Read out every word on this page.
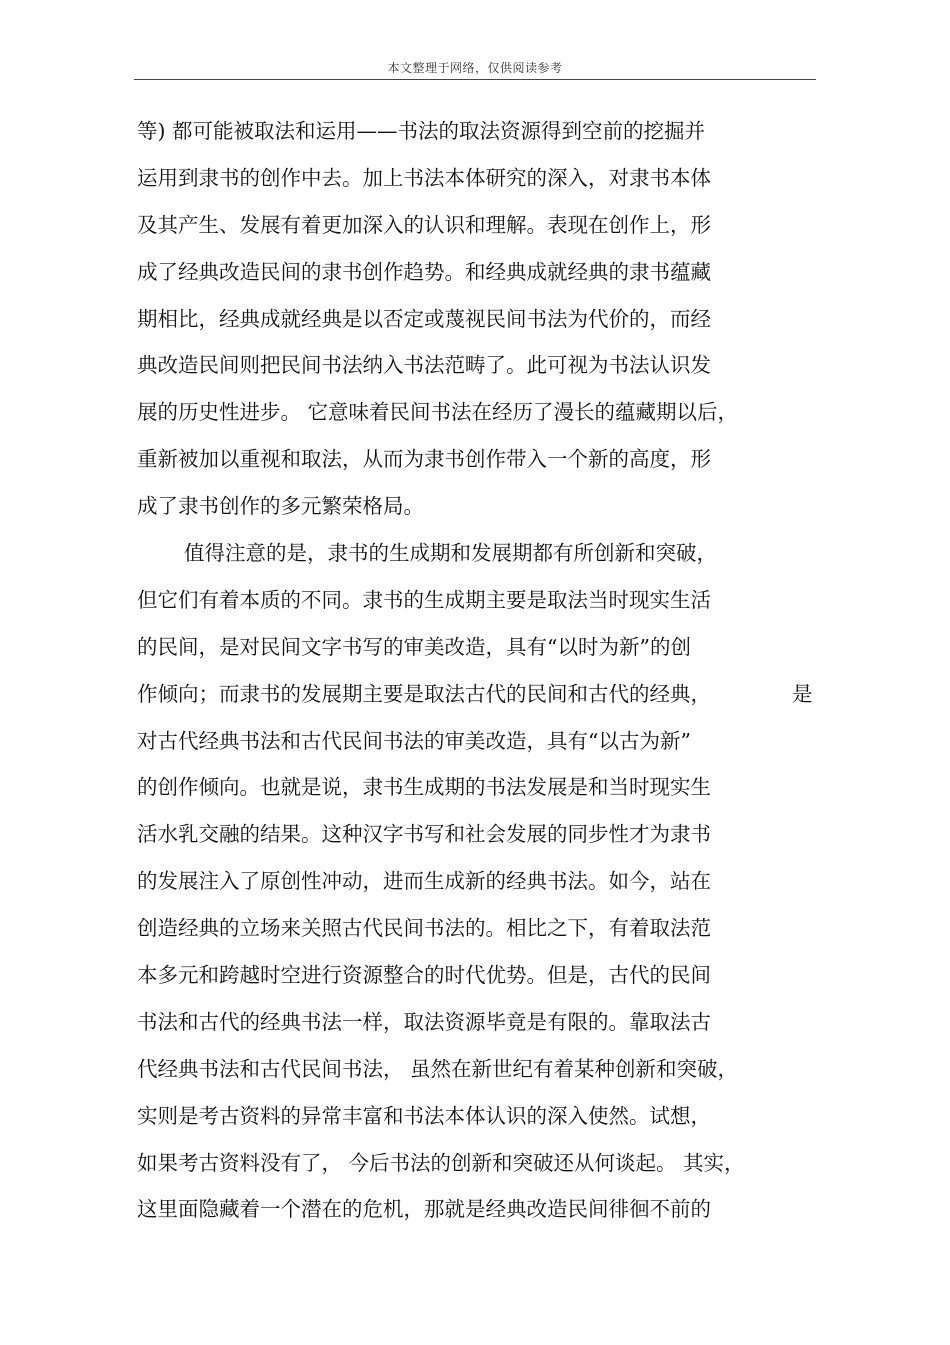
本文整理于网络，仅供阅读参考
等) 都可能被取法和运用——书法的取法资源得到空前的挖掘并
运用到隶书的创作中去。加上书法本体研究的深入，对隶书本体
及其产生、发展有着更加深入的认识和理解。表现在创作上，形
成了经典改造民间的隶书创作趋势。和经典成就经典的隶书蕴藏
期相比，经典成就经典是以否定或蔑视民间书法为代价的，而经
典改造民间则把民间书法纳入书法范畴了。此可视为书法认识发
展的历史性进步。 它意味着民间书法在经历了漫长的蕴藏期以后，
重新被加以重视和取法，从而为隶书创作带入一个新的高度，形
成了隶书创作的多元繁荣格局。
值得注意的是，隶书的生成期和发展期都有所创新和突破，
但它们有着本质的不同。隶书的生成期主要是取法当时现实生活
的民间，是对民间文字书写的审美改造，具有“以时为新”的创
作倾向；而隶书的发展期主要是取法古代的民间和古代的经典，	是
对古代经典书法和古代民间书法的审美改造，具有“以古为新”
的创作倾向。也就是说，隶书生成期的书法发展是和当时现实生
活水乳交融的结果。这种汉字书写和社会发展的同步性才为隶书
的发展注入了原创性冲动，进而生成新的经典书法。如今，站在
创造经典的立场来关照古代民间书法的。相比之下，有着取法范
本多元和跨越时空进行资源整合的时代优势。但是，古代的民间
书法和古代的经典书法一样，取法资源毕竟是有限的。靠取法古
代经典书法和古代民间书法， 虽然在新世纪有着某种创新和突破，
实则是考古资料的异常丰富和书法本体认识的深入使然。试想，
如果考古资料没有了， 今后书法的创新和突破还从何谈起。 其实，
这里面隐藏着一个潜在的危机，那就是经典改造民间徘徊不前的
